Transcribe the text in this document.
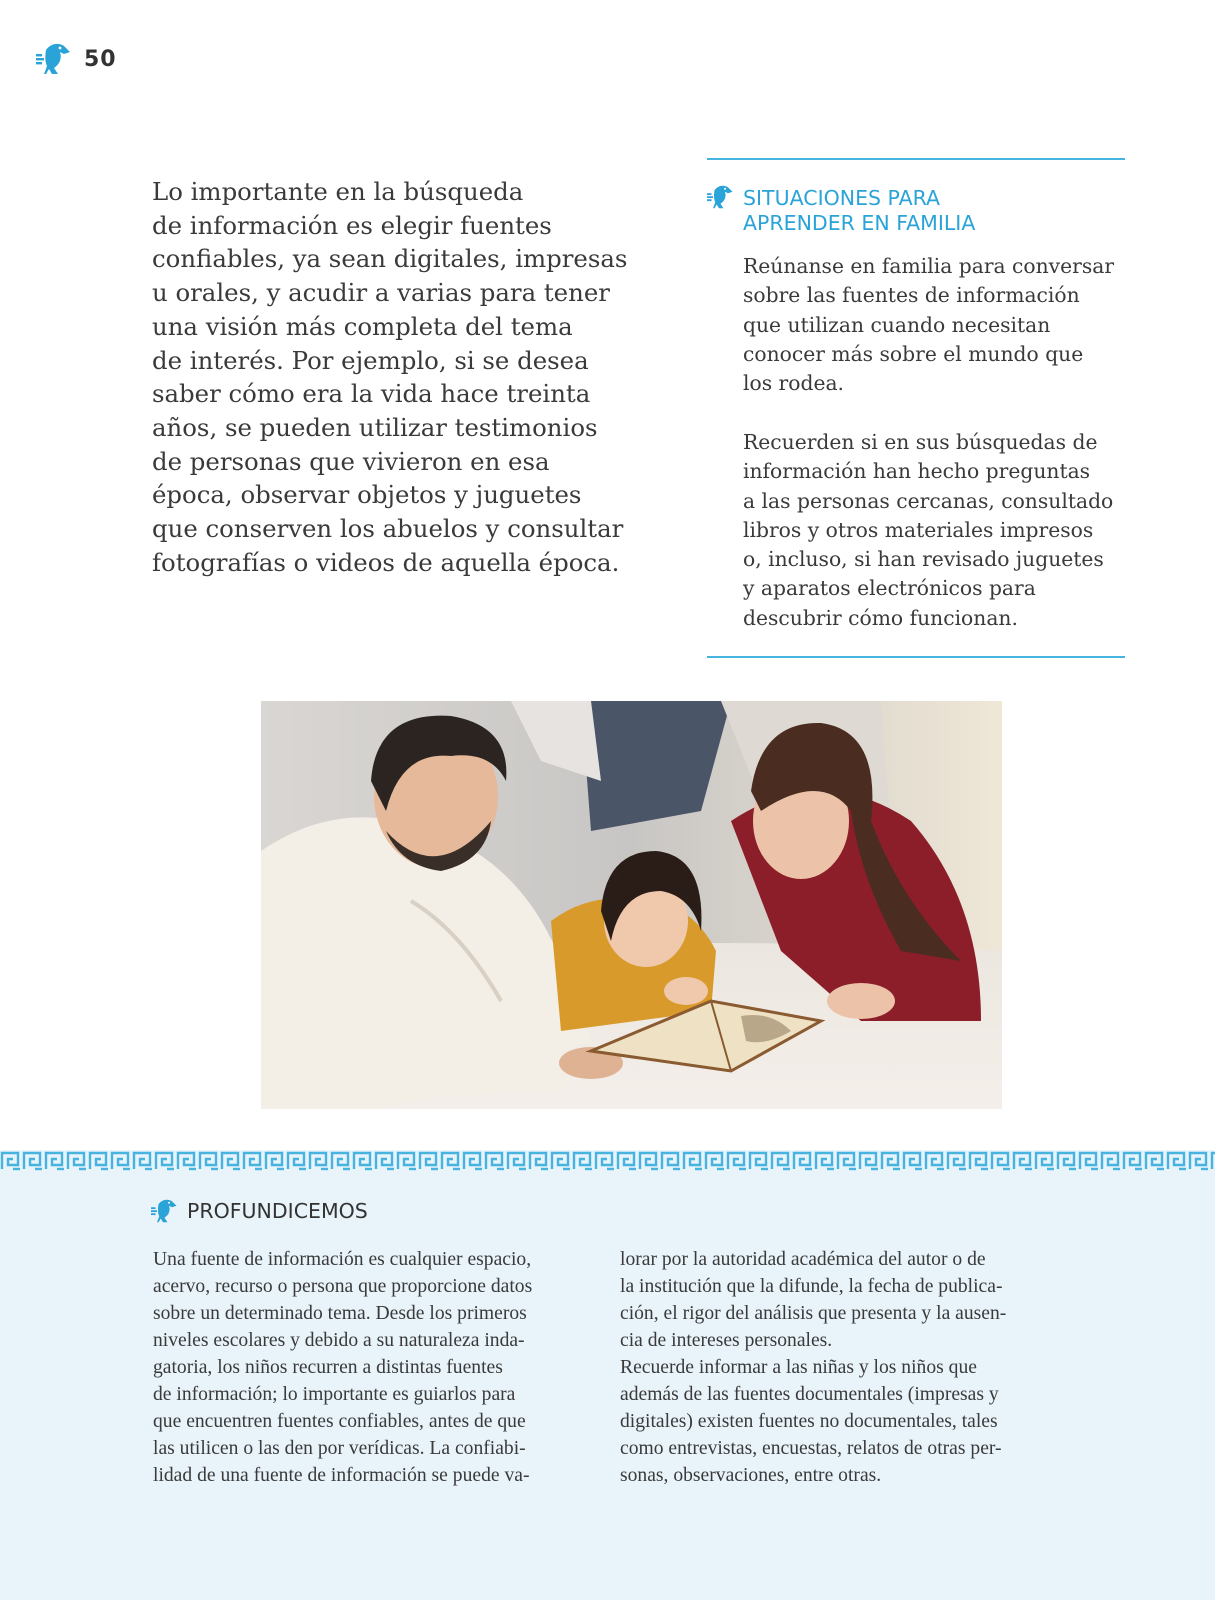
50

Lo importante en la búsqueda
de información es elegir fuentes
confiables, ya sean digitales, impresas
u orales, y acudir a varias para tener
una visión más completa del tema
de interés. Por ejemplo, si se desea
saber cómo era la vida hace treinta
años, se pueden utilizar testimonios
de personas que vivieron en esa
época, observar objetos y juguetes
que conserven los abuelos y consultar
fotografías o videos de aquella época.

SITUACIONES PARA
APRENDER EN FAMILIA

Reúnanse en familia para conversar
sobre las fuentes de información
que utilizan cuando necesitan
conocer más sobre el mundo que
los rodea.

Recuerden si en sus búsquedas de
información han hecho preguntas
a las personas cercanas, consultado
libros y otros materiales impresos
o, incluso, si han revisado juguetes
y aparatos electrónicos para
descubrir cómo funcionan.

PROFUNDICEMOS

Una fuente de información es cualquier espacio,
acervo, recurso o persona que proporcione datos
sobre un determinado tema. Desde los primeros
niveles escolares y debido a su naturaleza inda-
gatoria, los niños recurren a distintas fuentes
de información; lo importante es guiarlos para
que encuentren fuentes confiables, antes de que
las utilicen o las den por verídicas. La confiabi-
lidad de una fuente de información se puede va-

lorar por la autoridad académica del autor o de
la institución que la difunde, la fecha de publica-
ción, el rigor del análisis que presenta y la ausen-
cia de intereses personales.
Recuerde informar a las niñas y los niños que
además de las fuentes documentales (impresas y
digitales) existen fuentes no documentales, tales
como entrevistas, encuestas, relatos de otras per-
sonas, observaciones, entre otras.
